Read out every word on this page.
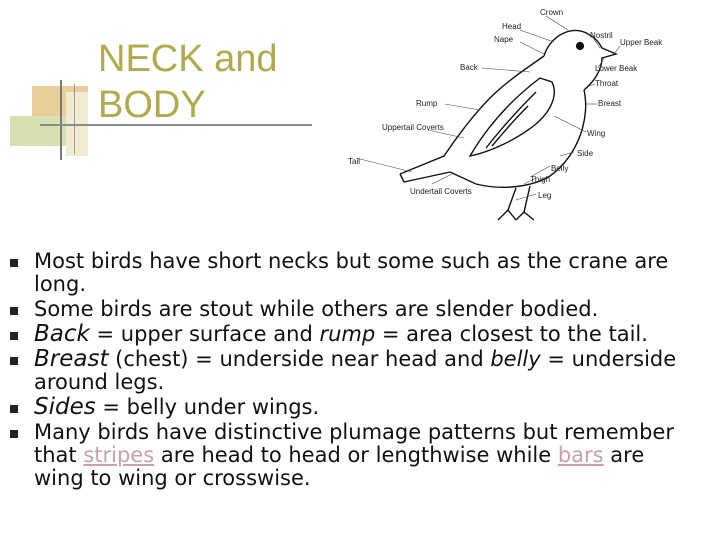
NECK and
BODY
Crown
Head
Nape	Nostril
Upper Beak
Lower Beak
Back
Throat
Rump	Breast
Uppertail Coverts
Wing
Side
Tail
Belly
Thigh
Leg
Undertail Coverts
Most birds have short necks but some such as the crane are long.
Some birds are stout while others are slender bodied.
Back = upper surface and rump = area closest to the tail.
Breast (chest) = underside near head and belly = underside around legs.
Sides = belly under wings.
Many birds have distinctive plumage patterns but remember that stripes are head to head or lengthwise while bars are wing to wing or crosswise.
